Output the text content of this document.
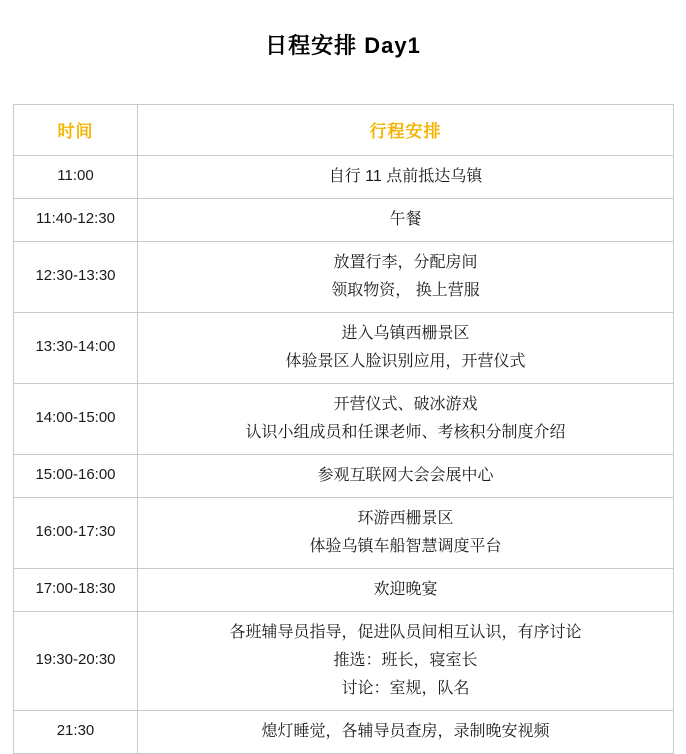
日程安排 Day1
时间	行程安排
11:00	自行 11 点前抵达乌镇

11:40-12:30	午餐

12:30-13:30	放置行李，分配房间
领取物资， 换上营服

13:30-14:00	进入乌镇西栅景区
体验景区人脸识别应用，开营仪式

14:00-15:00	开营仪式、破冰游戏
认识小组成员和任课老师、考核积分制度介绍

15:00-16:00	参观互联网大会会展中心

16:00-17:30	环游西栅景区
体验乌镇车船智慧调度平台

17:00-18:30	欢迎晚宴

19:30-20:30	各班辅导员指导，促进队员间相互认识，有序讨论
推选：班长，寝室长
讨论：室规，队名

21:30	熄灯睡觉，各辅导员查房，录制晚安视频
